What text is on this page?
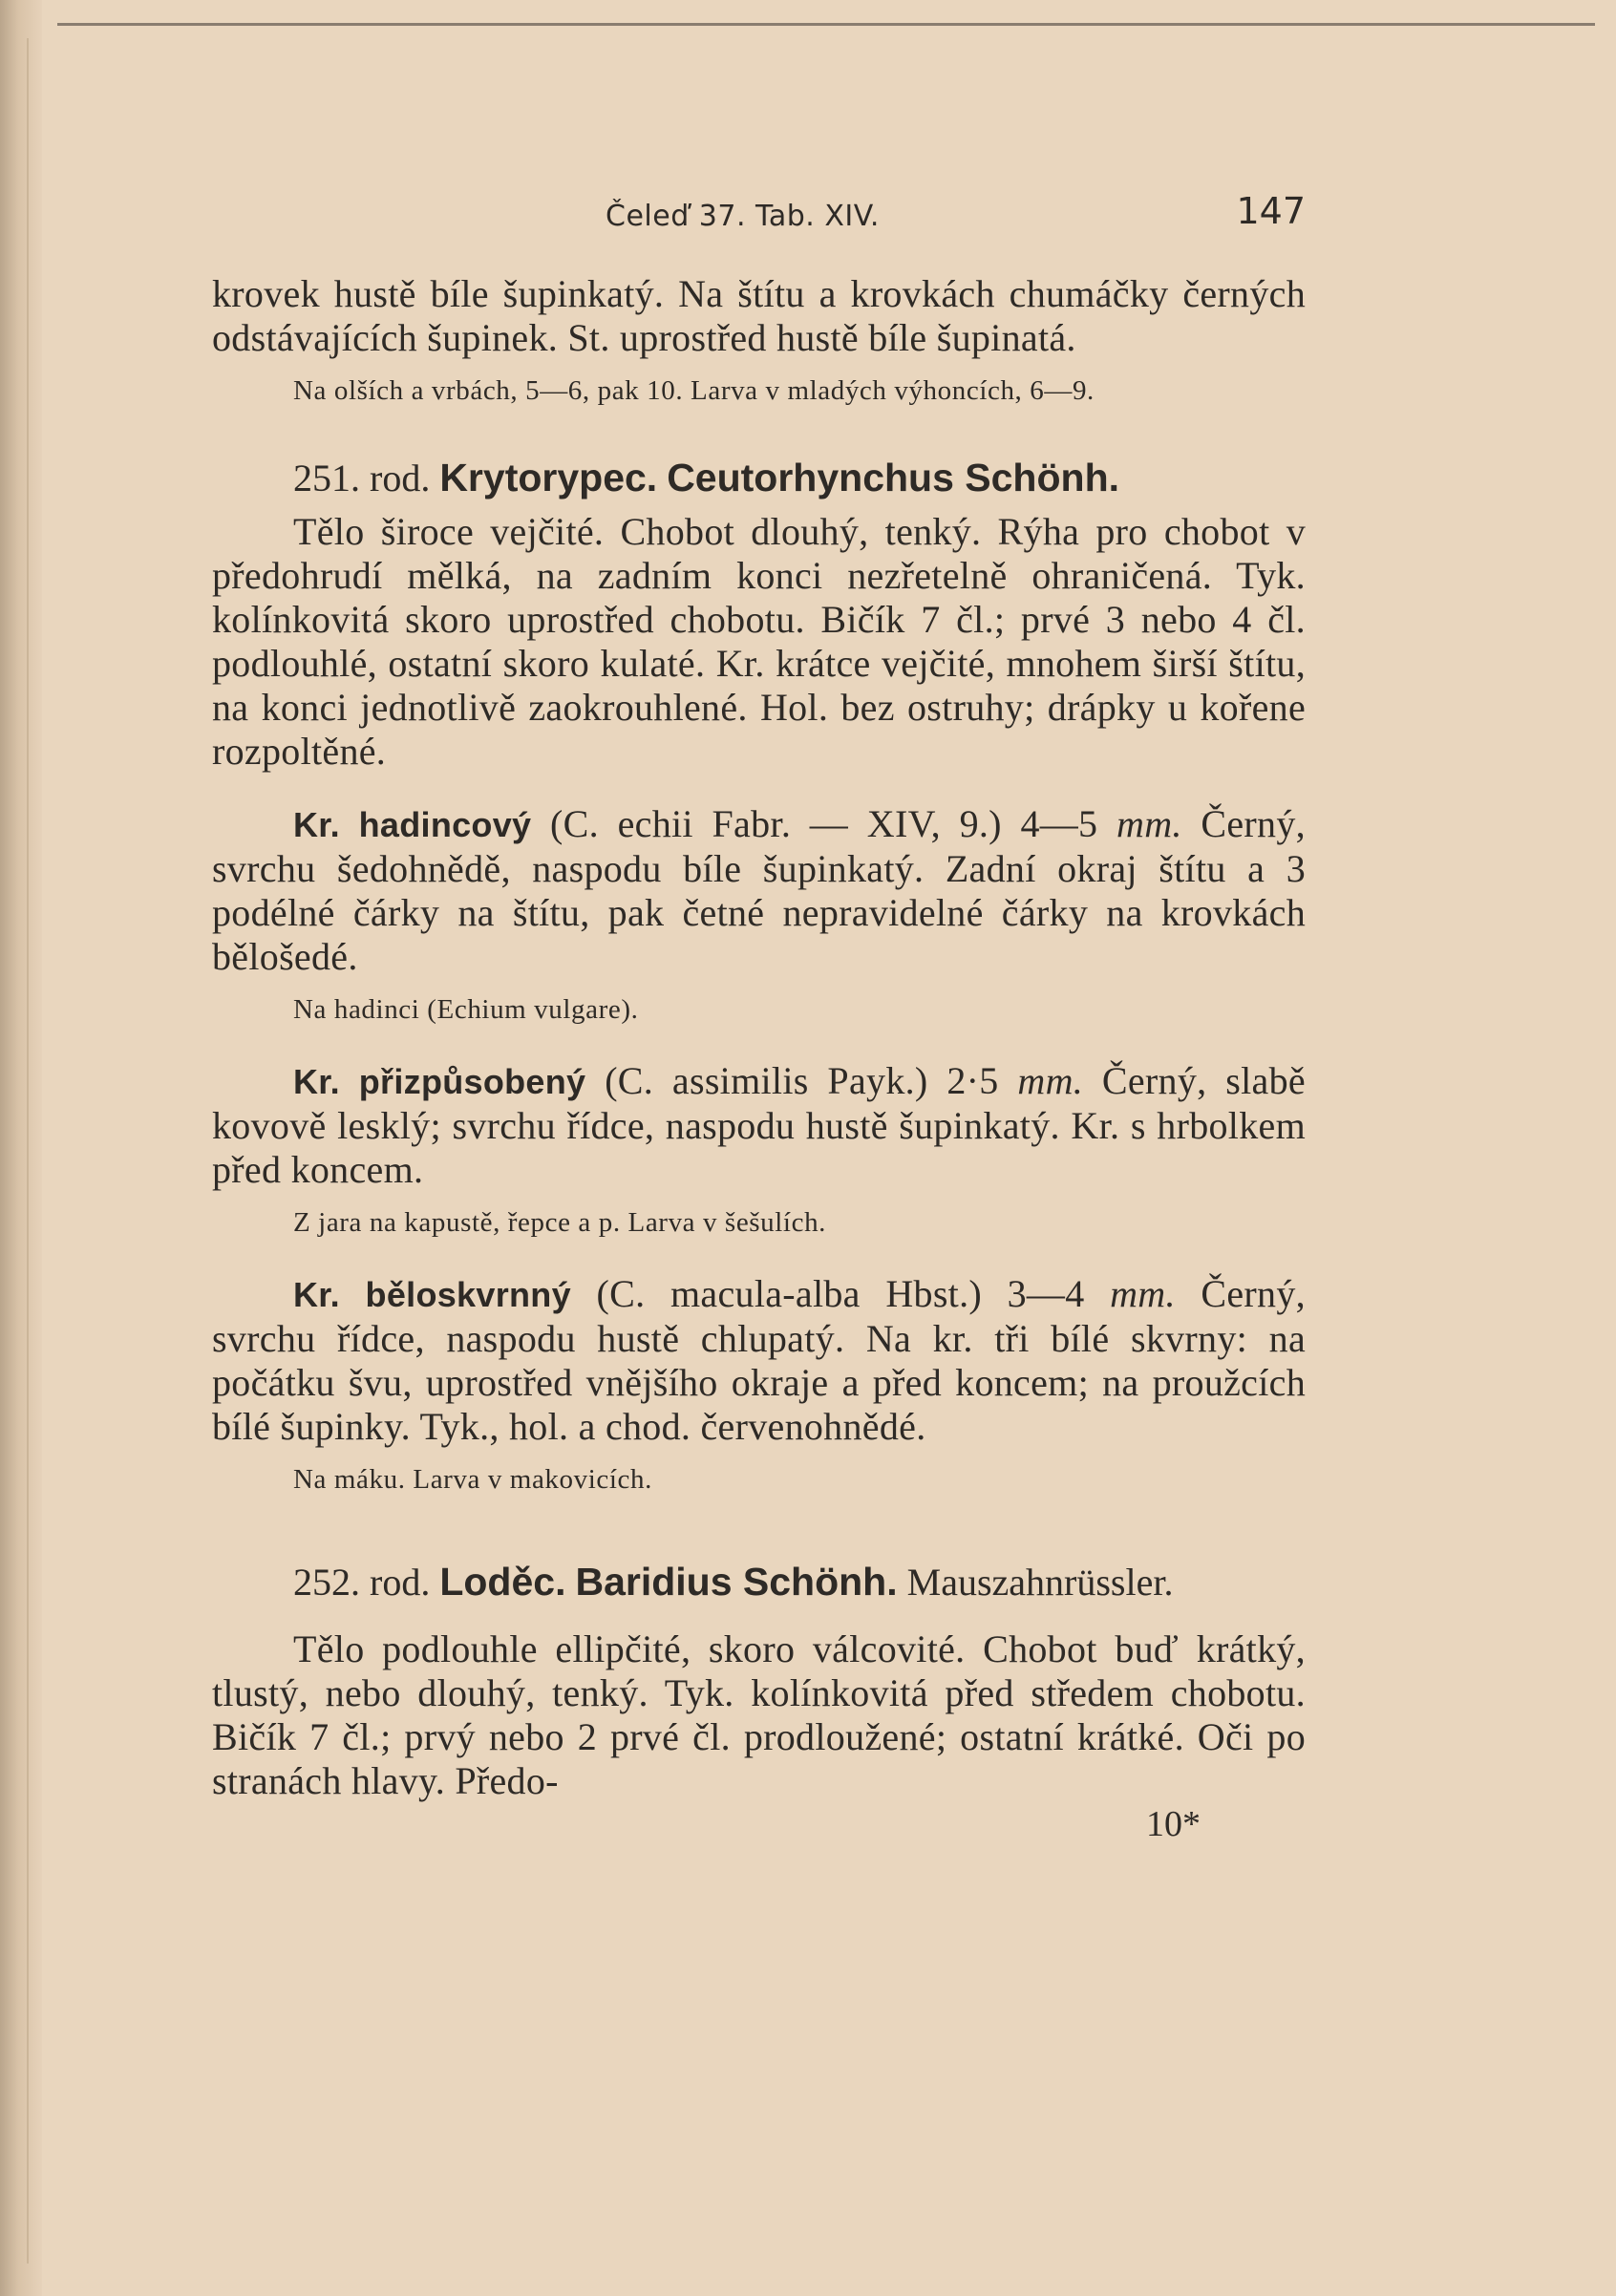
Čeleď 37. Tab. XIV.	147

krovek hustě bíle šupinkatý. Na štítu a krovkách chumáčky černých odstávajících šupinek. St. uprostřed hustě bíle šupinatá.

Na olších a vrbách, 5—6, pak 10. Larva v mladých výhoncích, 6—9.

251. rod. Krytorypec. Ceutorhynchus Schönh.

Tělo široce vejčité. Chobot dlouhý, tenký. Rýha pro chobot v předohrudí mělká, na zadním konci nezřetelně ohraničená. Tyk. kolínkovitá skoro uprostřed chobotu. Bičík 7 čl.; prvé 3 nebo 4 čl. podlouhlé, ostatní skoro kulaté. Kr. krátce vejčité, mnohem širší štítu, na konci jednotlivě zaokrouhlené. Hol. bez ostruhy; drápky u kořene rozpoltěné.

Kr. hadincový (C. echii Fabr. — XIV, 9.) 4—5 mm. Černý, svrchu šedohnědě, naspodu bíle šupinkatý. Zadní okraj štítu a 3 podélné čárky na štítu, pak četné nepravidelné čárky na krovkách bělošedé.

Na hadinci (Echium vulgare).

Kr. přizpůsobený (C. assimilis Payk.) 2·5 mm. Černý, slabě kovově lesklý; svrchu řídce, naspodu hustě šupinkatý. Kr. s hrbolkem před koncem.

Z jara na kapustě, řepce a p. Larva v šešulích.

Kr. běloskvrnný (C. macula-alba Hbst.) 3—4 mm. Černý, svrchu řídce, naspodu hustě chlupatý. Na kr. tři bílé skvrny: na počátku švu, uprostřed vnějšího okraje a před koncem; na proužcích bílé šupinky. Tyk., hol. a chod. červenohnědé.

Na máku. Larva v makovicích.

252. rod. Loděc. Baridius Schönh. Mauszahnrüssler.

Tělo podlouhle ellipčité, skoro válcovité. Chobot buď krátký, tlustý, nebo dlouhý, tenký. Tyk. kolínkovitá před středem chobotu. Bičík 7 čl.; prvý nebo 2 prvé čl. prodloužené; ostatní krátké. Oči po stranách hlavy. Předo-

10*
